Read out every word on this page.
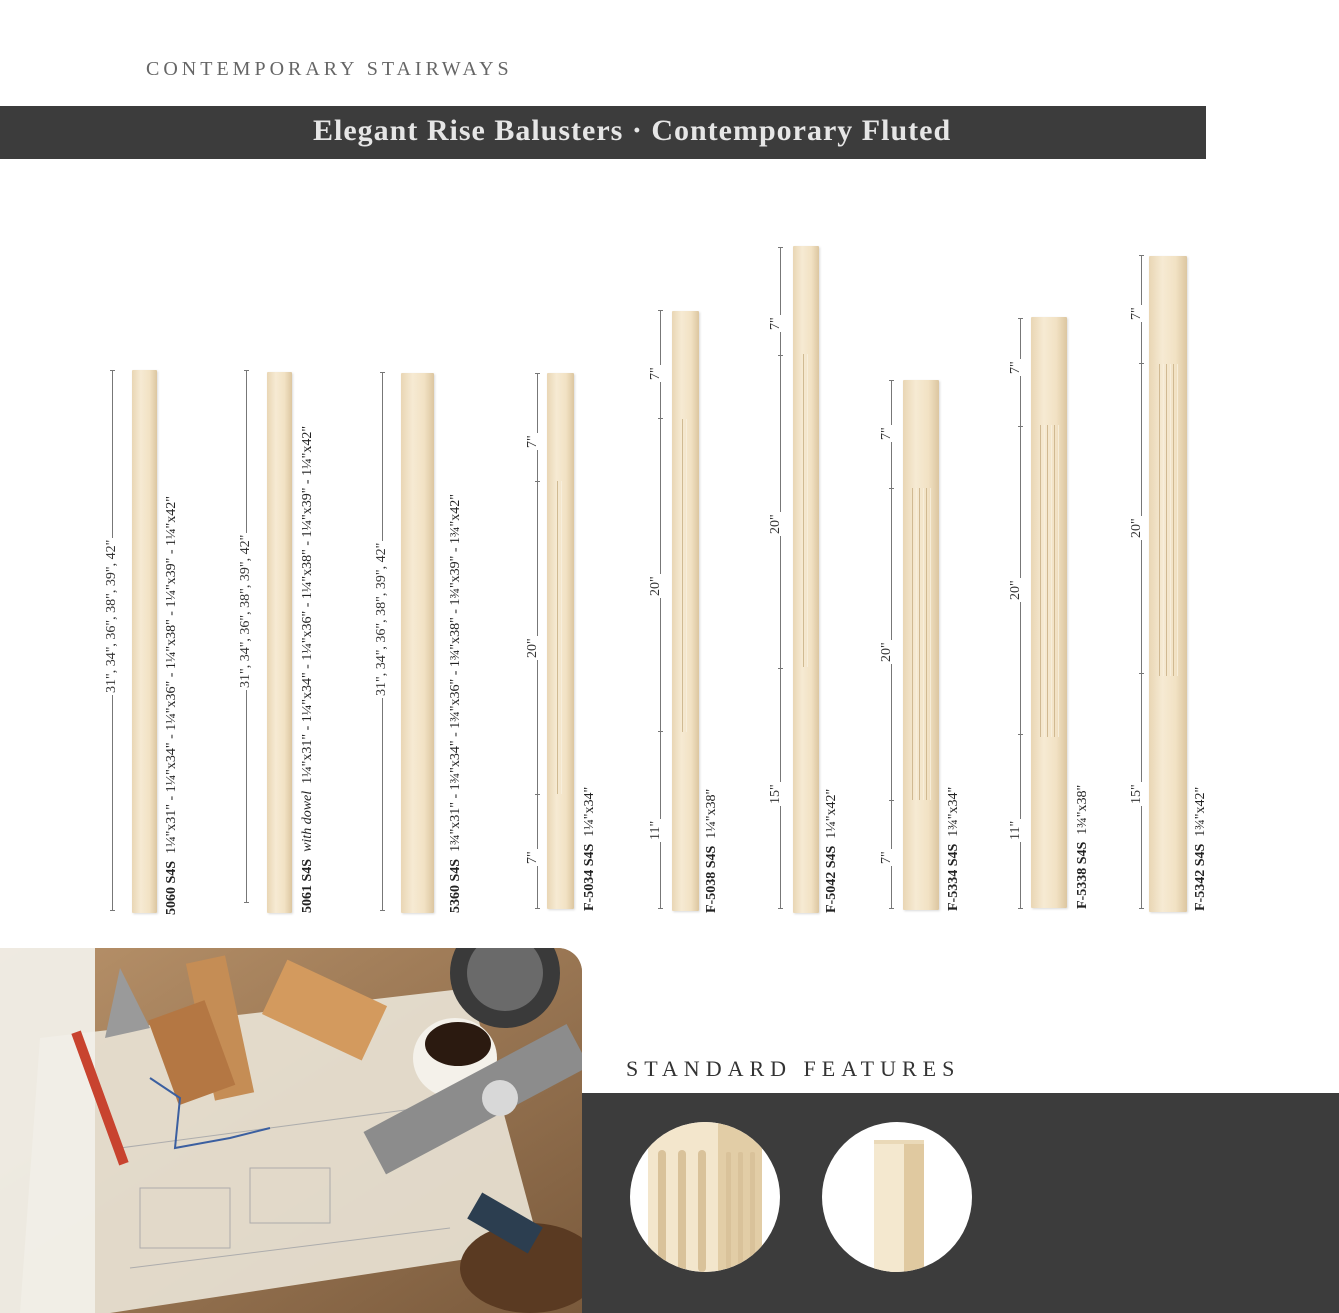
CONTEMPORARY STAIRWAYS
Elegant Rise Balusters · Contemporary Fluted
31", 34", 36", 38", 39", 42"
5060 S4S  1¼"x31" - 1¼"x34" - 1¼"x36" - 1¼"x38" - 1¼"x39" - 1¼"x42"	31", 34", 36", 38", 39", 42"
5061 S4S  with dowel  1¼"x31" - 1¼"x34" - 1¼"x36" - 1¼"x38" - 1¼"x39" - 1¼"x42"	31", 34", 36", 38", 39", 42"
5360 S4S  1¾"x31" - 1¾"x34" - 1¾"x36" - 1¾"x38" - 1¾"x39" - 1¾"x42"
7"
20"
7"	F-5034 S4S  1¼"x34"
7"
20"
11"
F-5038 S4S  1¼"x38"
7"
20"
15"
F-5042 S4S  1¼"x42"
7"
20"
7"	F-5334 S4S  1¾"x34"
7"
20"
11"
F-5338 S4S  1¾"x38"
7"
20"
15"
F-5342 S4S  1¾"x42"
STANDARD FEATURES
